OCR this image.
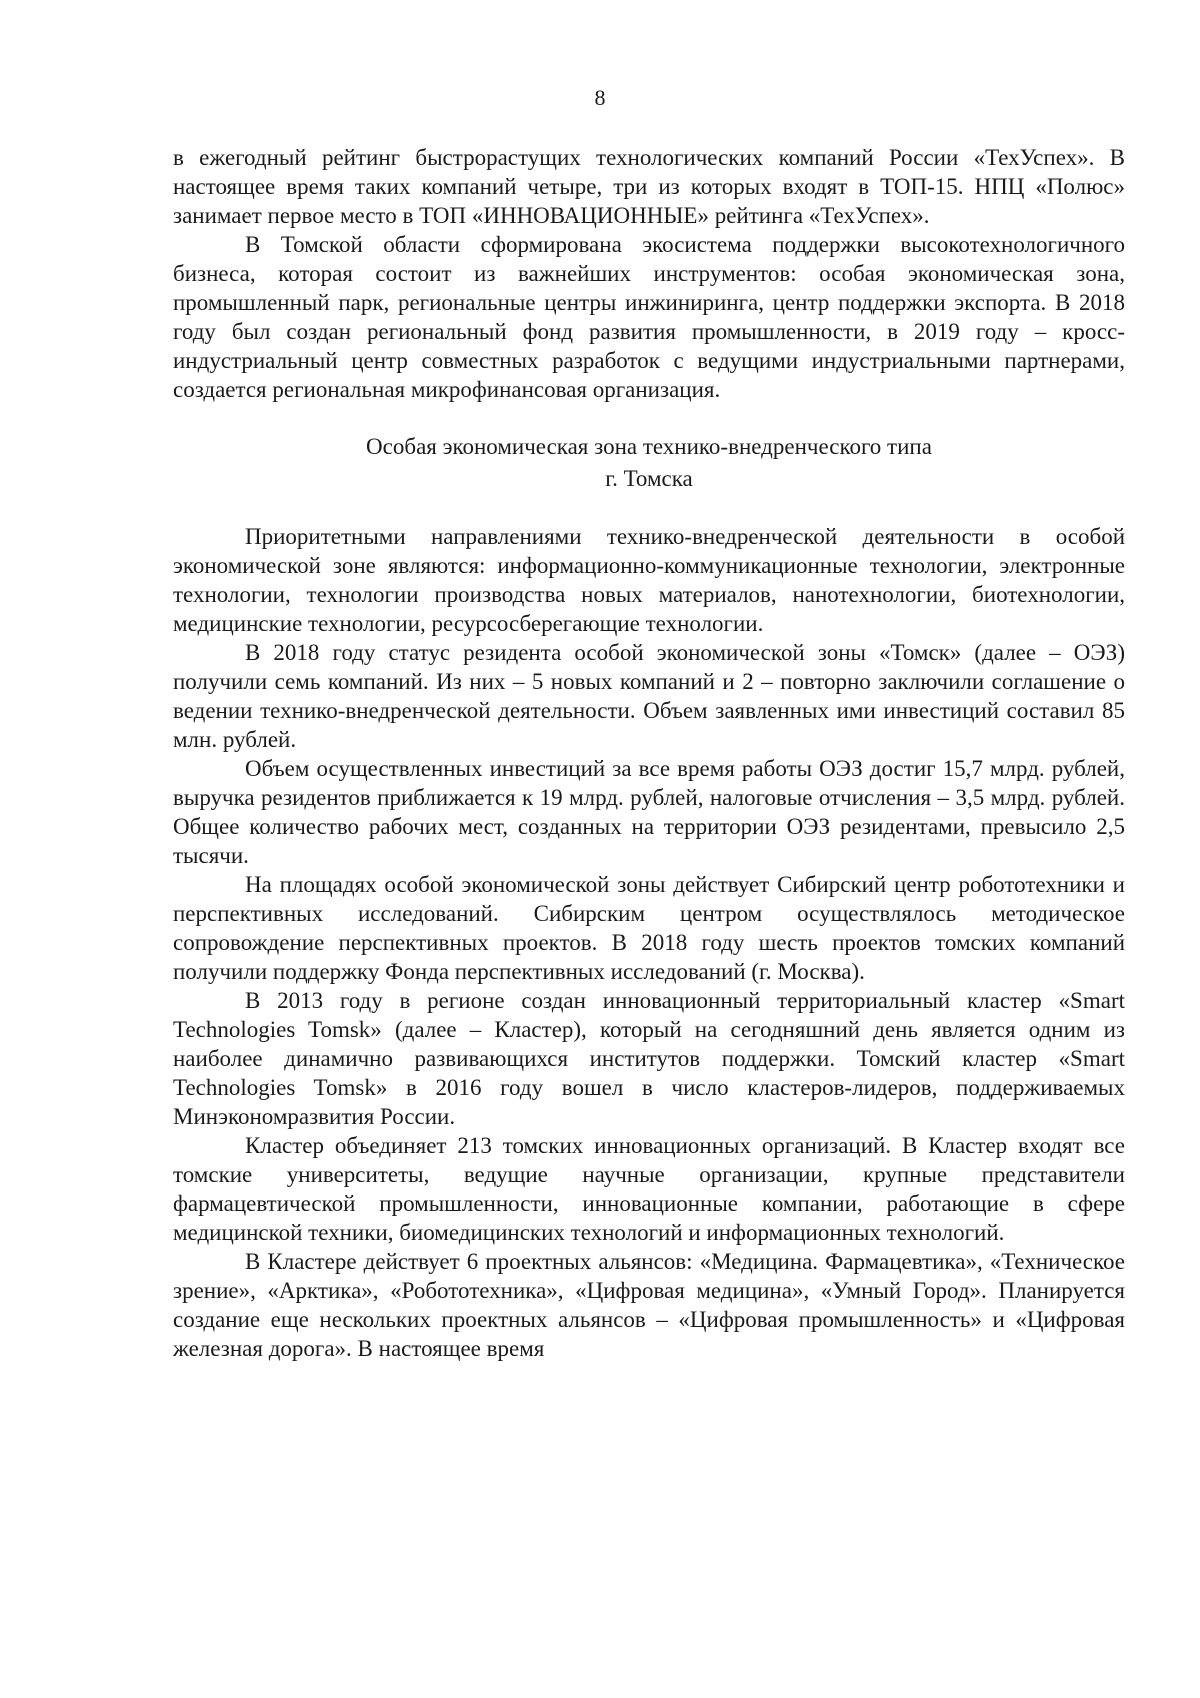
8

в ежегодный рейтинг быстрорастущих технологических компаний России «ТехУспех». В настоящее время таких компаний четыре, три из которых входят в ТОП-15. НПЦ «Полюс» занимает первое место в ТОП «ИННОВАЦИОННЫЕ» рейтинга «ТехУспех».

В Томской области сформирована экосистема поддержки высокотехнологичного бизнеса, которая состоит из важнейших инструментов: особая экономическая зона, промышленный парк, региональные центры инжиниринга, центр поддержки экспорта. В 2018 году был создан региональный фонд развития промышленности, в 2019 году – кросс-индустриальный центр совместных разработок с ведущими индустриальными партнерами, создается региональная микрофинансовая организация.

Особая экономическая зона технико-внедренческого типа
г. Томска

Приоритетными направлениями технико-внедренческой деятельности в особой экономической зоне являются: информационно-коммуникационные технологии, электронные технологии, технологии производства новых материалов, нанотехнологии, биотехнологии, медицинские технологии, ресурсосберегающие технологии.

В 2018 году статус резидента особой экономической зоны «Томск» (далее – ОЭЗ) получили семь компаний. Из них – 5 новых компаний и 2 – повторно заключили соглашение о ведении технико-внедренческой деятельности. Объем заявленных ими инвестиций составил 85 млн. рублей.

Объем осуществленных инвестиций за все время работы ОЭЗ достиг 15,7 млрд. рублей, выручка резидентов приближается к 19 млрд. рублей, налоговые отчисления – 3,5 млрд. рублей. Общее количество рабочих мест, созданных на территории ОЭЗ резидентами, превысило 2,5 тысячи.

На площадях особой экономической зоны действует Сибирский центр робототехники и перспективных исследований. Сибирским центром осуществлялось методическое сопровождение перспективных проектов. В 2018 году шесть проектов томских компаний получили поддержку Фонда перспективных исследований (г. Москва).

В 2013 году в регионе создан инновационный территориальный кластер «Smart Technologies Tomsk» (далее – Кластер), который на сегодняшний день является одним из наиболее динамично развивающихся институтов поддержки. Томский кластер «Smart Technologies Tomsk» в 2016 году вошел в число кластеров-лидеров, поддерживаемых Минэкономразвития России.

Кластер объединяет 213 томских инновационных организаций. В Кластер входят все томские университеты, ведущие научные организации, крупные представители фармацевтической промышленности, инновационные компании, работающие в сфере медицинской техники, биомедицинских технологий и информационных технологий.

В Кластере действует 6 проектных альянсов: «Медицина. Фармацевтика», «Техническое зрение», «Арктика», «Робототехника», «Цифровая медицина», «Умный Город». Планируется создание еще нескольких проектных альянсов – «Цифровая промышленность» и «Цифровая железная дорога». В настоящее время
